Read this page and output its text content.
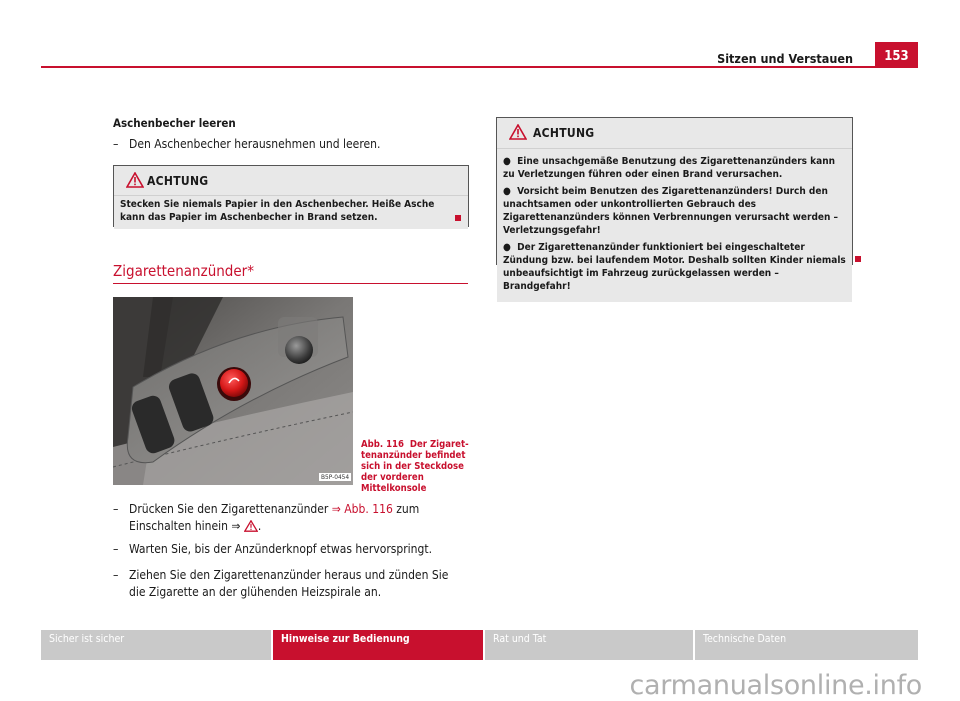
Sitzen und Verstauen	153
Aschenbecher leeren
– Den Aschenbecher herausnehmen und leeren.
ACHTUNG
Stecken Sie niemals Papier in den Aschenbecher. Heiße Asche kann das Papier im Aschenbecher in Brand setzen.
Zigarettenanzünder*
B5P-0454
Abb. 116 Der Zigarettenanzünder befindet sich in der Steckdose der vorderen Mittelkonsole
– Drücken Sie den Zigarettenanzünder ⇒ Abb. 116 zum Einschalten hinein ⇒ .
– Warten Sie, bis der Anzünderknopf etwas hervorspringt.
– Ziehen Sie den Zigarettenanzünder heraus und zünden Sie die Zigarette an der glühenden Heizspirale an.
ACHTUNG

● Eine unsachgemäße Benutzung des Zigarettenanzünders kann zu Verletzungen führen oder einen Brand verursachen.

● Vorsicht beim Benutzen des Zigarettenanzünders! Durch den unachtsamen oder unkontrollierten Gebrauch des Zigarettenanzünders können Verbrennungen verursacht werden – Verletzungsgefahr!

● Der Zigarettenanzünder funktioniert bei eingeschalteter Zündung bzw. bei laufendem Motor. Deshalb sollten Kinder niemals unbeaufsichtigt im Fahrzeug zurückgelassen werden – Brandgefahr!

Sicher ist sicher	Hinweise zur Bedienung	Rat und Tat	Technische Daten
carmanualsonline.info
